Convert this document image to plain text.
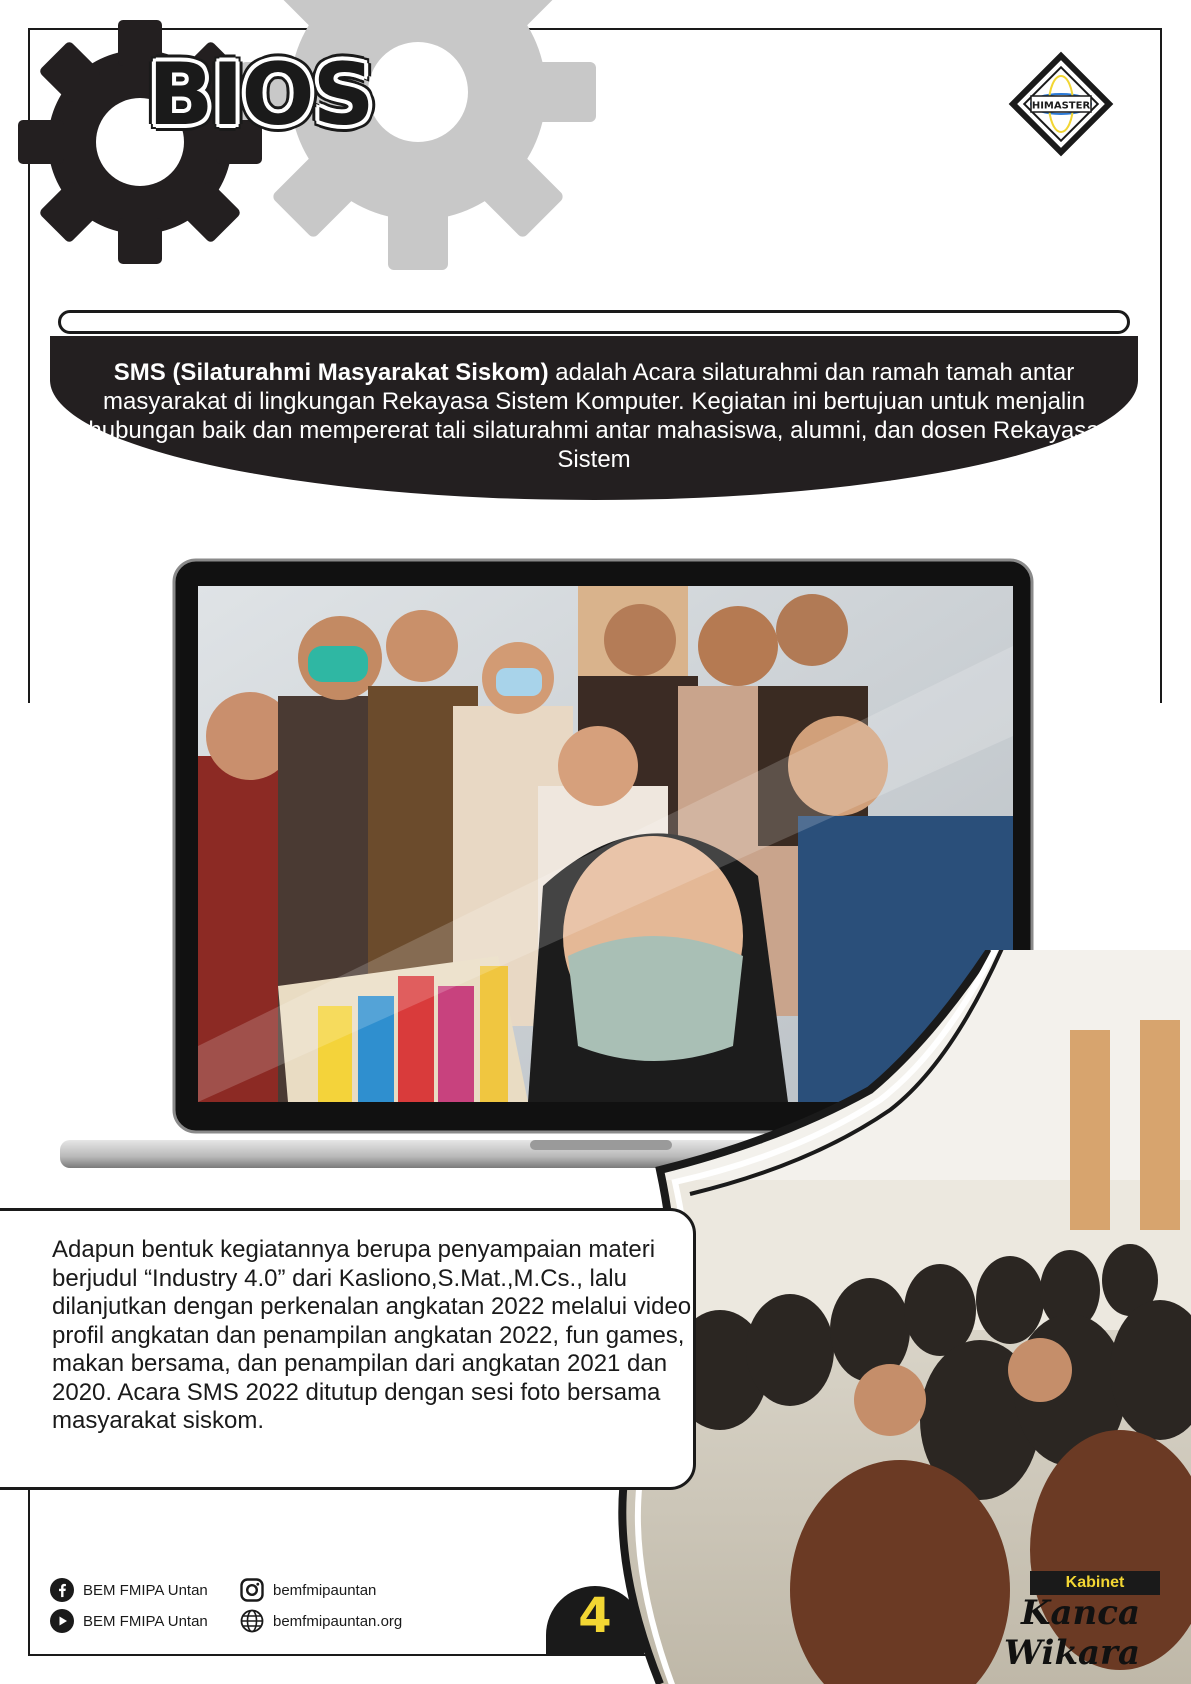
BIOS	HIMASTER
SMS (Silaturahmi Masyarakat Siskom) adalah Acara silaturahmi dan ramah tamah antar masyarakat di lingkungan Rekayasa Sistem Komputer. Kegiatan ini bertujuan untuk menjalin hubungan baik dan mempererat tali silaturahmi antar mahasiswa, alumni, dan dosen Rekayasa Sistem
Adapun bentuk kegiatannya berupa penyampaian materi berjudul “Industry 4.0” dari Kasliono,S.Mat.,M.Cs., lalu dilanjutkan dengan perkenalan angkatan 2022 melalui video profil angkatan dan penampilan angkatan 2022, fun games, makan bersama, dan penampilan dari angkatan 2021 dan 2020. Acara SMS 2022 ditutup dengan sesi foto bersama masyarakat siskom.
BEM FMIPA Untan
BEM FMIPA Untan
bemfmipauntan
bemfmipauntan.org	4
Kabinet
Kanca Wikara
